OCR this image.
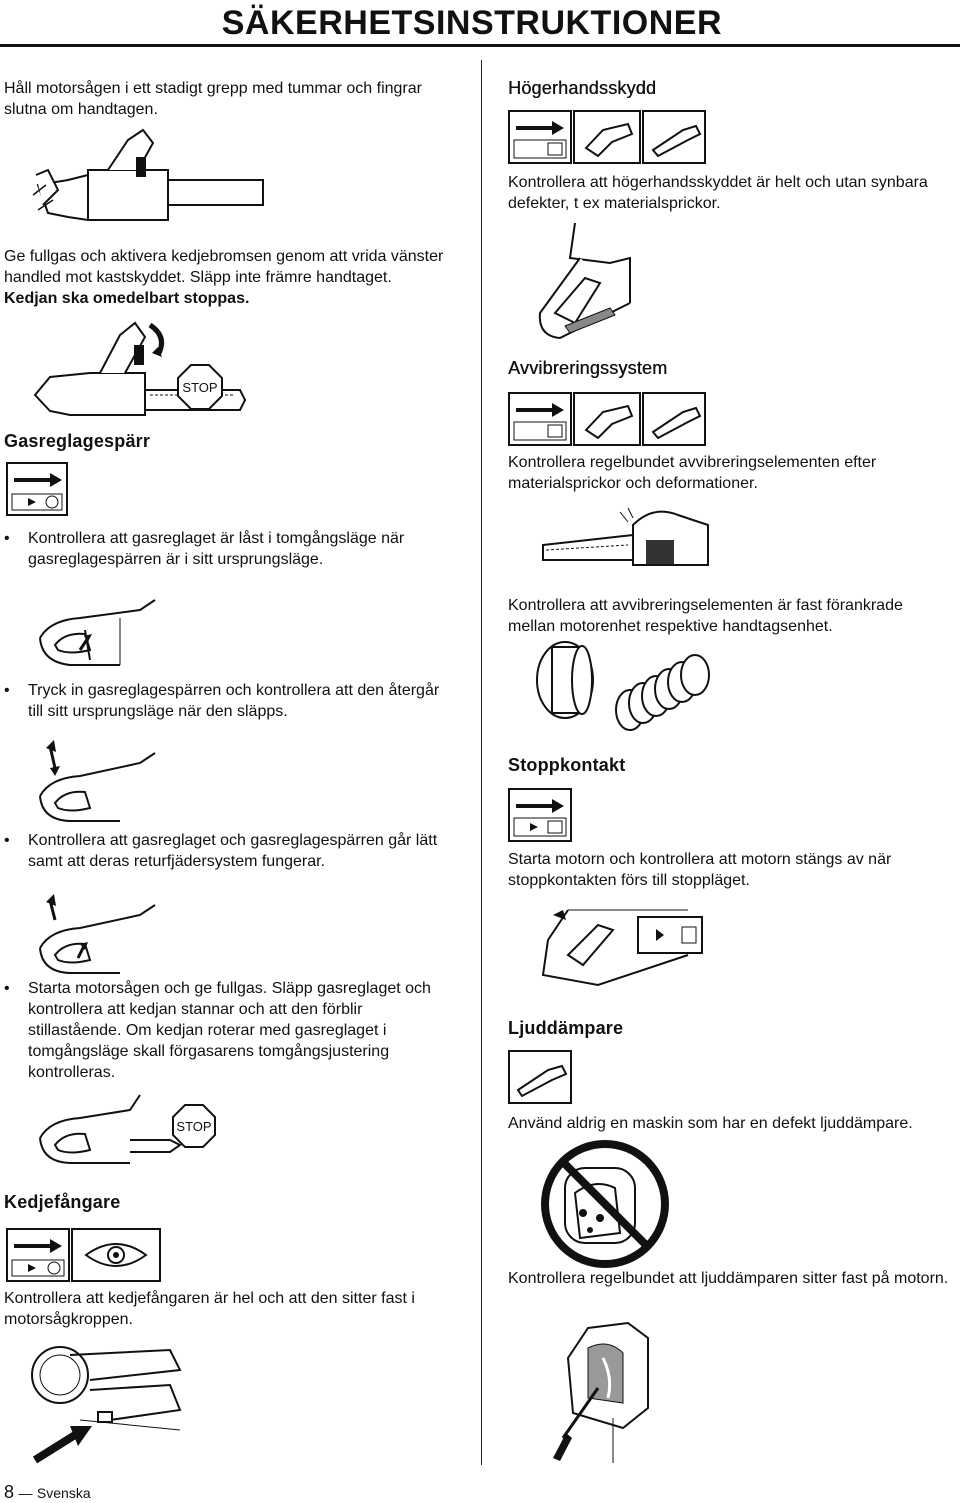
SÄKERHETSINSTRUKTIONER
Håll motorsågen i ett stadigt grepp med tummar och fingrar slutna om handtagen.
Ge fullgas och aktivera kedjebromsen genom att vrida vänster handled mot kastskyddet. Släpp inte främre handtaget. Kedjan ska omedelbart stoppas.
STOP
Gasreglagespärr
• Kontrollera att gasreglaget är låst i tomgångsläge när gasreglagespärren är i sitt ursprungsläge.
• Tryck in gasreglagespärren och kontrollera att den återgår till sitt ursprungsläge när den släpps.
• Kontrollera att gasreglaget och gasreglagespärren går lätt samt att deras returfjädersystem fungerar.
• Starta motorsågen och ge fullgas. Släpp gasreglaget och kontrollera att kedjan stannar och att den förblir stillastående. Om kedjan roterar med gasreglaget i tomgångsläge skall förgasarens tomgångsjustering kontrolleras.
STOP
Kedjefångare
Kontrollera att kedjefångaren är hel och att den sitter fast i motorsågkroppen.
Högerhandsskydd
Kontrollera att högerhandsskyddet är helt och utan synbara defekter, t ex materialsprickor.
Avvibreringssystem
Kontrollera regelbundet avvibreringselementen efter materialsprickor och deformationer.
Kontrollera att avvibreringselementen är fast förankrade mellan motorenhet respektive handtagsenhet.
Stoppkontakt
Starta motorn och kontrollera att motorn stängs av när stoppkontakten förs till stoppläget.
Ljuddämpare
Använd aldrig en maskin som har en defekt ljuddämpare.
Kontrollera regelbundet att ljuddämparen sitter fast på motorn.
8 — Svenska
